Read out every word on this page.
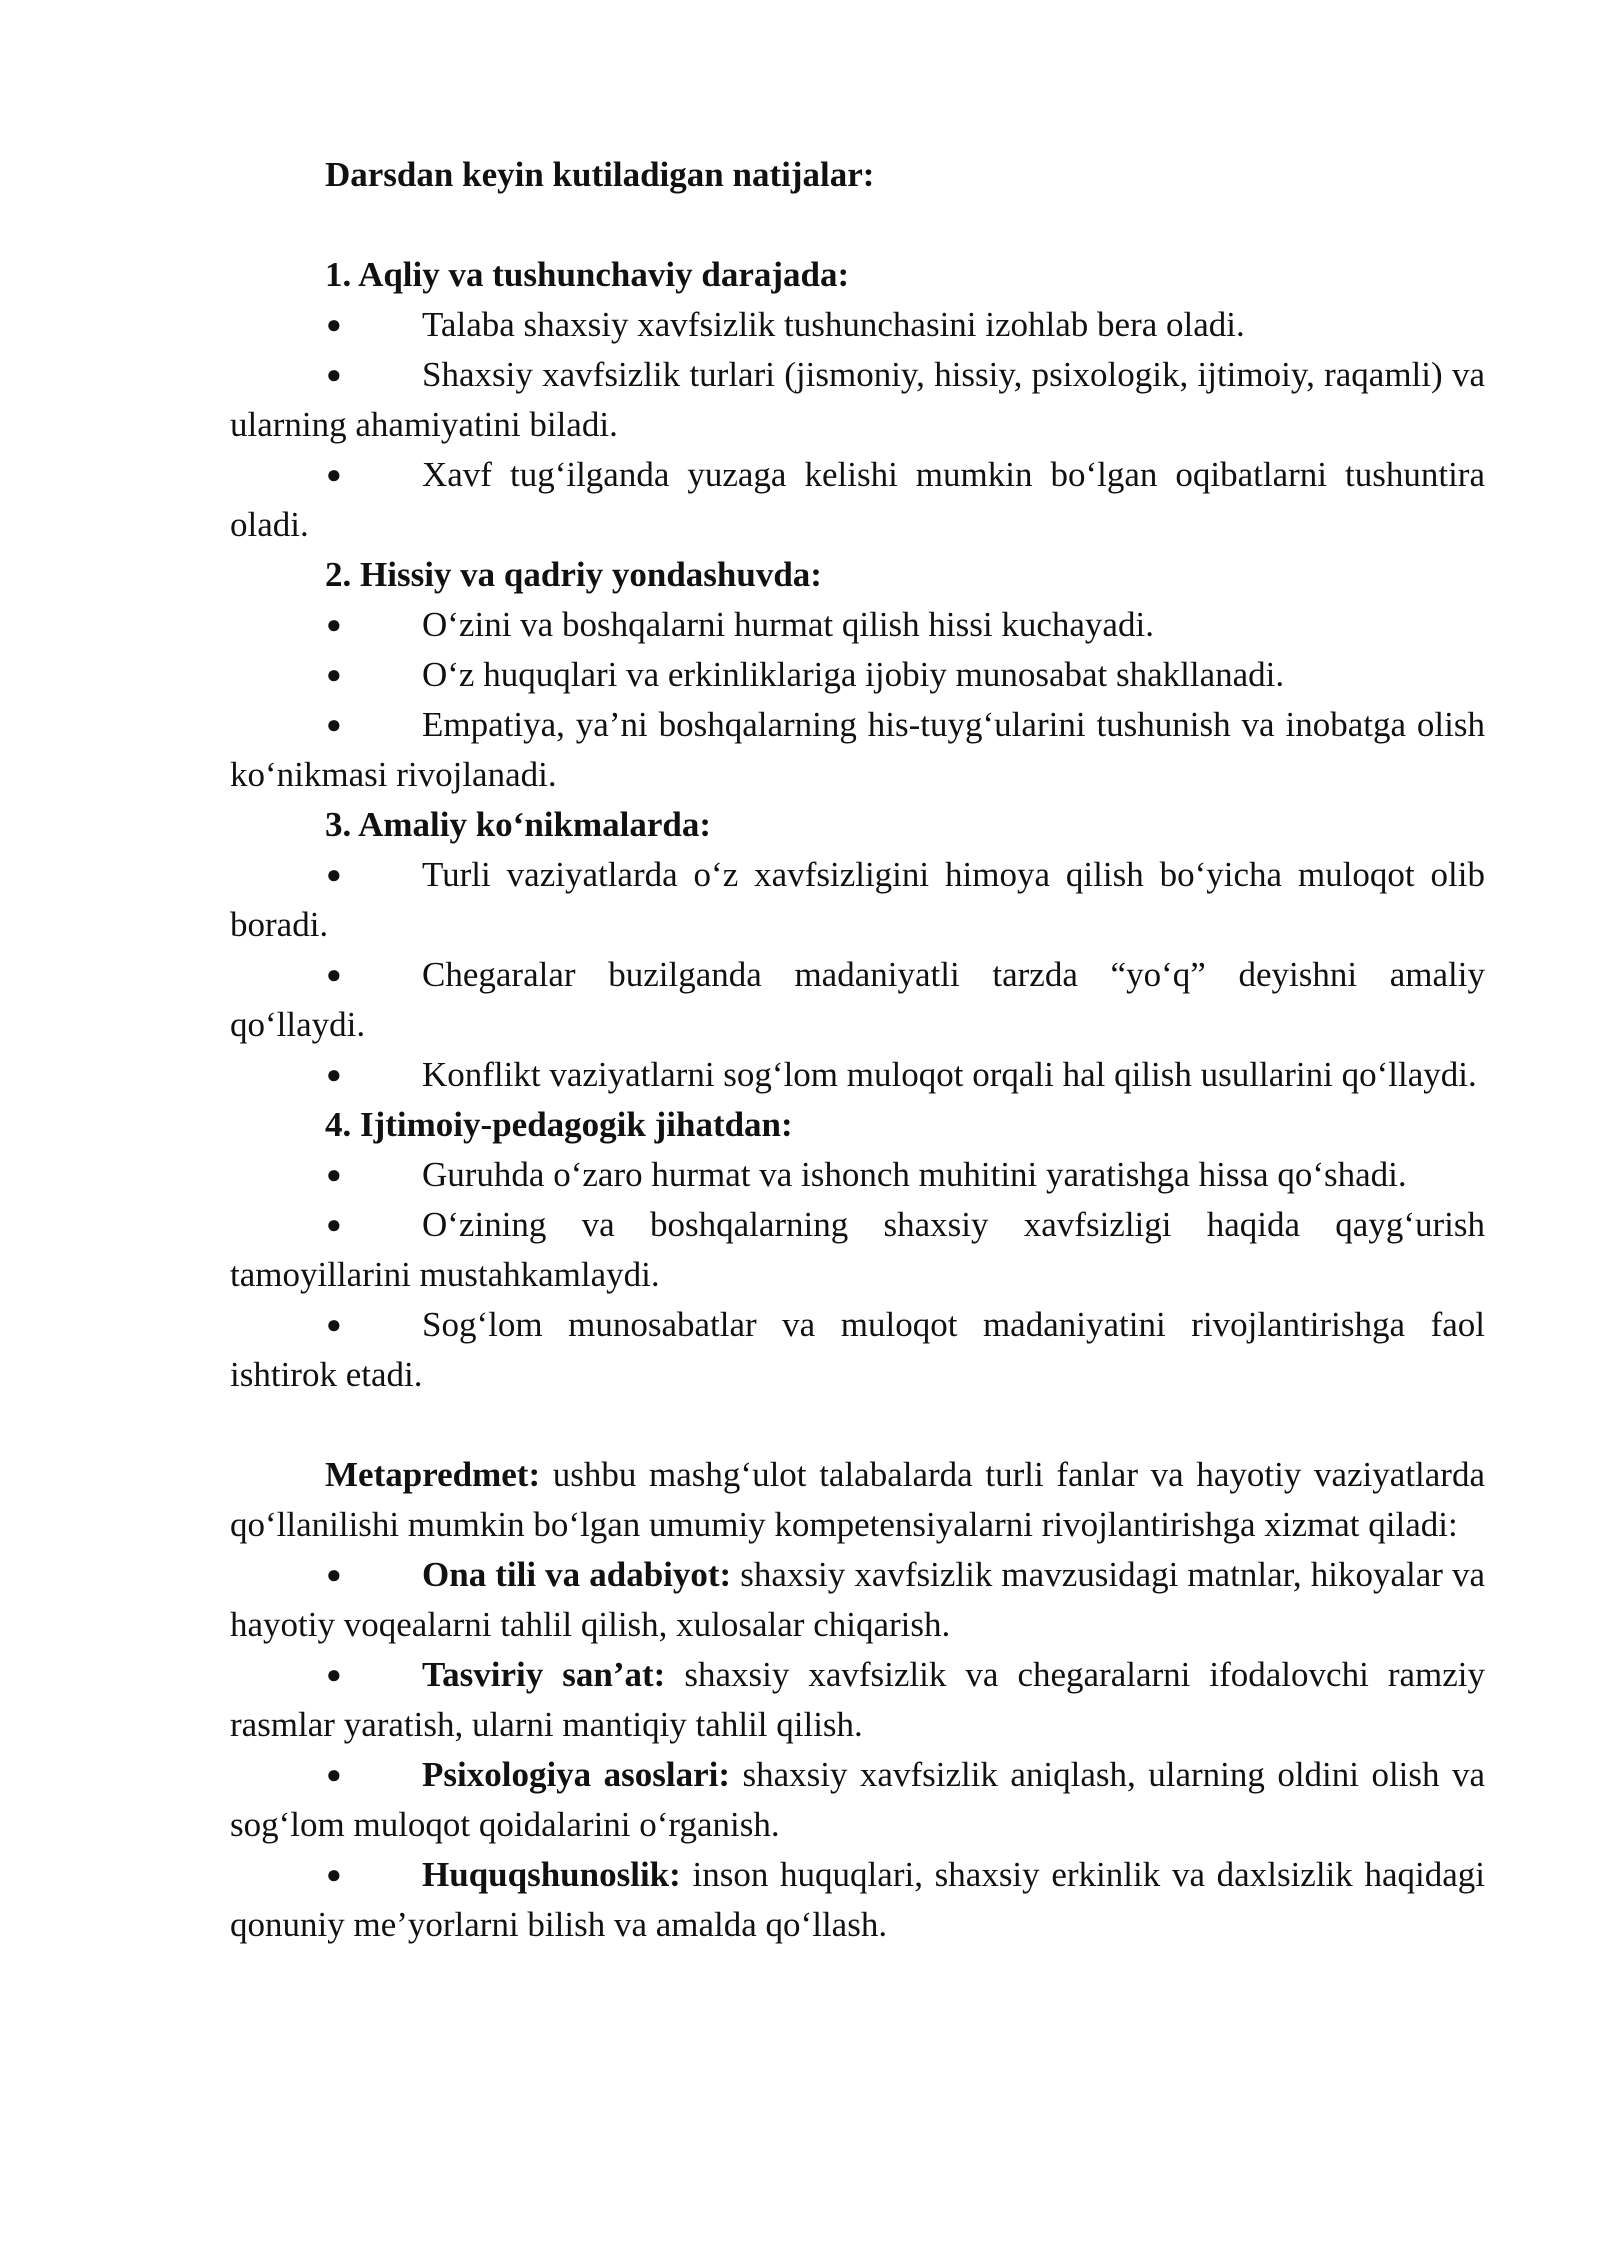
Darsdan keyin kutiladigan natijalar:
1. Aqliy va tushunchaviy darajada:
● Talaba shaxsiy xavfsizlik tushunchasini izohlab bera oladi.
● Shaxsiy xavfsizlik turlari (jismoniy, hissiy, psixologik, ijtimoiy, raqamli) va ularning ahamiyatini biladi.
● Xavf tug‘ilganda yuzaga kelishi mumkin bo‘lgan oqibatlarni tushuntira oladi.
2. Hissiy va qadriy yondashuvda:
● O‘zini va boshqalarni hurmat qilish hissi kuchayadi.
● O‘z huquqlari va erkinliklariga ijobiy munosabat shakllanadi.
● Empatiya, ya’ni boshqalarning his-tuyg‘ularini tushunish va inobatga olish ko‘nikmasi rivojlanadi.
3. Amaliy ko‘nikmalarda:
● Turli vaziyatlarda o‘z xavfsizligini himoya qilish bo‘yicha muloqot olib boradi.
● Chegaralar buzilganda madaniyatli tarzda “yo‘q” deyishni amaliy qo‘llaydi.
● Konflikt vaziyatlarni sog‘lom muloqot orqali hal qilish usullarini qo‘llaydi.
4. Ijtimoiy-pedagogik jihatdan:
● Guruhda o‘zaro hurmat va ishonch muhitini yaratishga hissa qo‘shadi.
● O‘zining va boshqalarning shaxsiy xavfsizligi haqida qayg‘urish tamoyillarini mustahkamlaydi.
● Sog‘lom munosabatlar va muloqot madaniyatini rivojlantirishga faol ishtirok etadi.
Metapredmet: ushbu mashg‘ulot talabalarda turli fanlar va hayotiy vaziyatlarda qo‘llanilishi mumkin bo‘lgan umumiy kompetensiyalarni rivojlantirishga xizmat qiladi:
● Ona tili va adabiyot: shaxsiy xavfsizlik mavzusidagi matnlar, hikoyalar va hayotiy voqealarni tahlil qilish, xulosalar chiqarish.
● Tasviriy san’at: shaxsiy xavfsizlik va chegaralarni ifodalovchi ramziy rasmlar yaratish, ularni mantiqiy tahlil qilish.
● Psixologiya asoslari: shaxsiy xavfsizlik aniqlash, ularning oldini olish va sog‘lom muloqot qoidalarini o‘rganish.
● Huquqshunoslik: inson huquqlari, shaxsiy erkinlik va daxlsizlik haqidagi qonuniy me’yorlarni bilish va amalda qo‘llash.
